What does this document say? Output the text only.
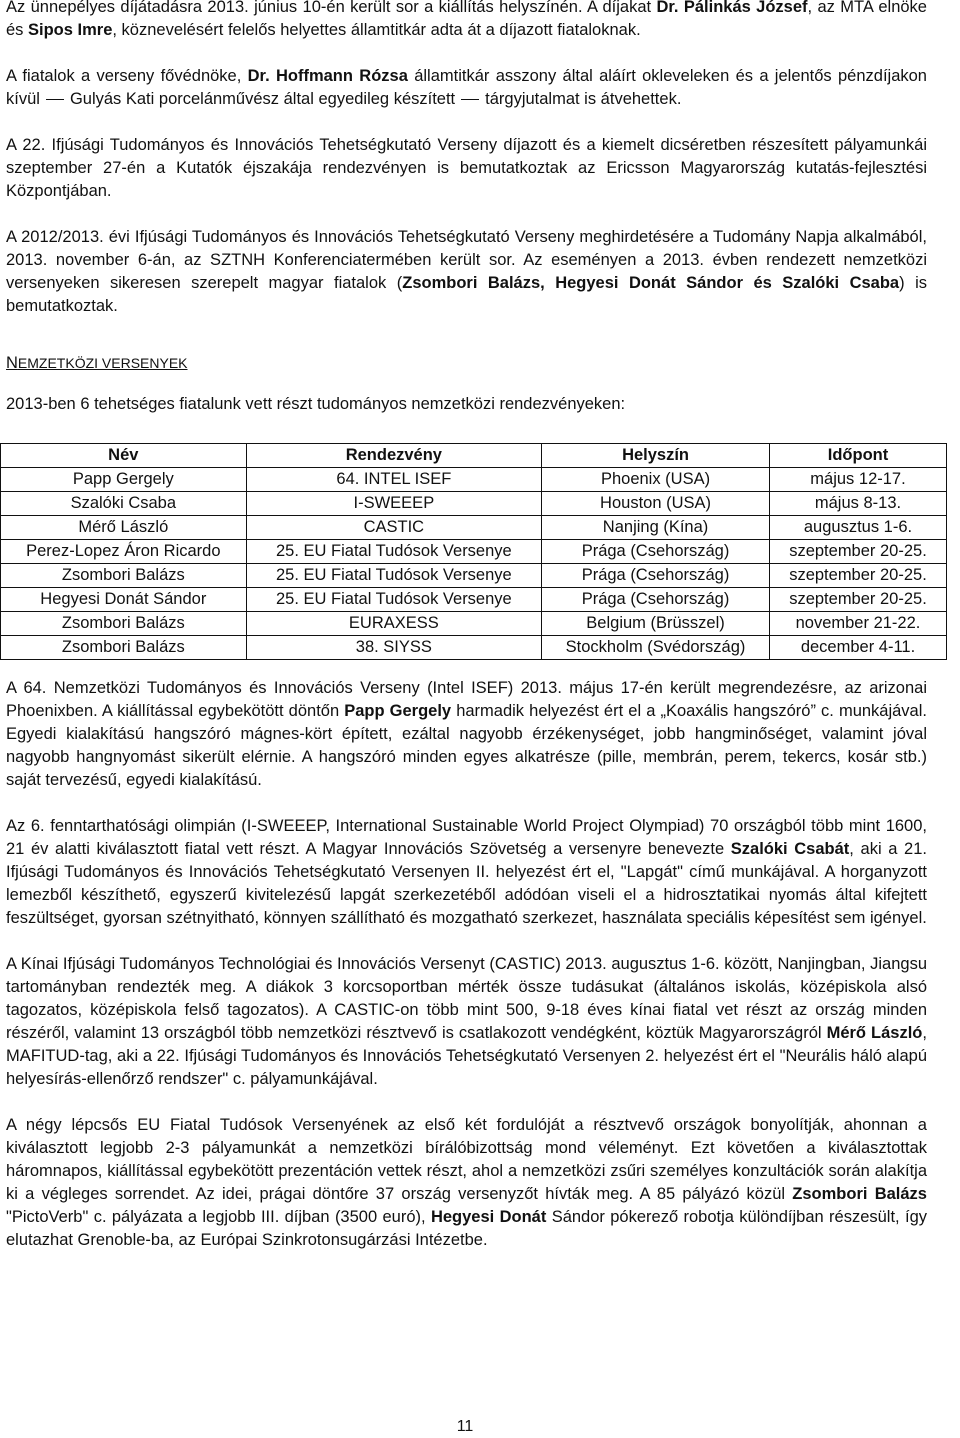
Az ünnepélyes díjátadásra 2013. június 10-én került sor a kiállítás helyszínén. A díjakat Dr. Pálinkás József, az MTA elnöke és Sipos Imre, köznevelésért felelős helyettes államtitkár adta át a díjazott fiataloknak.

A fiatalok a verseny fővédnöke, Dr. Hoffmann Rózsa államtitkár asszony által aláírt okleveleken és a jelentős pénzdíjakon kívül Gulyás Kati porcelánművész által egyedileg készített tárgyjutalmat is átvehettek.

A 22. Ifjúsági Tudományos és Innovációs Tehetségkutató Verseny díjazott és a kiemelt dicséretben részesített pályamunkái szeptember 27-én a Kutatók éjszakája rendezvényen is bemutatkoztak az Ericsson Magyarország kutatás-fejlesztési Központjában.

A 2012/2013. évi Ifjúsági Tudományos és Innovációs Tehetségkutató Verseny meghirdetésére a Tudomány Napja alkalmából, 2013. november 6-án, az SZTNH Konferenciatermében került sor. Az eseményen a 2013. évben rendezett nemzetközi versenyeken sikeresen szerepelt magyar fiatalok (Zsombori Balázs, Hegyesi Donát Sándor és Szalóki Csaba) is bemutatkoztak.

NEMZETKÖZI VERSENYEK

2013-ben 6 tehetséges fiatalunk vett részt tudományos nemzetközi rendezvényeken:

Név	Rendezvény	Helyszín	Időpont
Papp Gergely	64. INTEL ISEF	Phoenix (USA)	május 12-17.
Szalóki Csaba	I-SWEEEP	Houston (USA)	május 8-13.
Mérő László	CASTIC	Nanjing (Kína)	augusztus 1-6.
Perez-Lopez Áron Ricardo	25. EU Fiatal Tudósok Versenye	Prága (Csehország)	szeptember 20-25.
Zsombori Balázs	25. EU Fiatal Tudósok Versenye	Prága (Csehország)	szeptember 20-25.
Hegyesi Donát Sándor	25. EU Fiatal Tudósok Versenye	Prága (Csehország)	szeptember 20-25.
Zsombori Balázs	EURAXESS	Belgium (Brüsszel)	november 21-22.
Zsombori Balázs	38. SIYSS	Stockholm (Svédország)	december 4-11.

A 64. Nemzetközi Tudományos és Innovációs Verseny (Intel ISEF) 2013. május 17-én került megrendezésre, az arizonai Phoenixben. A kiállítással egybekötött döntőn Papp Gergely harmadik helyezést ért el a „Koaxális hangszóró” c. munkájával. Egyedi kialakítású hangszóró mágnes-kört épített, ezáltal nagyobb érzékenységet, jobb hangminőséget, valamint jóval nagyobb hangnyomást sikerült elérnie. A hangszóró minden egyes alkatrésze (pille, membrán, perem, tekercs, kosár stb.) saját tervezésű, egyedi kialakítású.

Az 6. fenntarthatósági olimpián (I-SWEEEP, International Sustainable World Project Olympiad) 70 országból több mint 1600, 21 év alatti kiválasztott fiatal vett részt. A Magyar Innovációs Szövetség a versenyre benevezte Szalóki Csabát, aki a 21. Ifjúsági Tudományos és Innovációs Tehetségkutató Versenyen II. helyezést ért el, "Lapgát" című munkájával. A horganyzott lemezből készíthető, egyszerű kivitelezésű lapgát szerkezetéből adódóan viseli el a hidrosztatikai nyomás által kifejtett feszültséget, gyorsan szétnyitható, könnyen szállítható és mozgatható szerkezet, használata speciális képesítést sem igényel.

A Kínai Ifjúsági Tudományos Technológiai és Innovációs Versenyt (CASTIC) 2013. augusztus 1-6. között, Nanjingban, Jiangsu tartományban rendezték meg. A diákok 3 korcsoportban mérték össze tudásukat (általános iskolás, középiskola alsó tagozatos, középiskola felső tagozatos). A CASTIC-on több mint 500, 9-18 éves kínai fiatal vet részt az ország minden részéről, valamint 13 országból több nemzetközi résztvevő is csatlakozott vendégként, köztük Magyarországról Mérő László, MAFITUD-tag, aki a 22. Ifjúsági Tudományos és Innovációs Tehetségkutató Versenyen 2. helyezést ért el "Neurális háló alapú helyesírás-ellenőrző rendszer" c. pályamunkájával.

A négy lépcsős EU Fiatal Tudósok Versenyének az első két fordulóját a résztvevő országok bonyolítják, ahonnan a kiválasztott legjobb 2-3 pályamunkát a nemzetközi bírálóbizottság mond véleményt. Ezt követően a kiválasztottak háromnapos, kiállítással egybekötött prezentáción vettek részt, ahol a nemzetközi zsűri személyes konzultációk során alakítja ki a végleges sorrendet. Az idei, prágai döntőre 37 ország versenyzőt hívták meg. A 85 pályázó közül Zsombori Balázs "PictoVerb" c. pályázata a legjobb III. díjban (3500 euró), Hegyesi Donát Sándor pókerező robotja különdíjban részesült, így elutazhat Grenoble-ba, az Európai Szinkrotonsugárzási Intézetbe.

11
